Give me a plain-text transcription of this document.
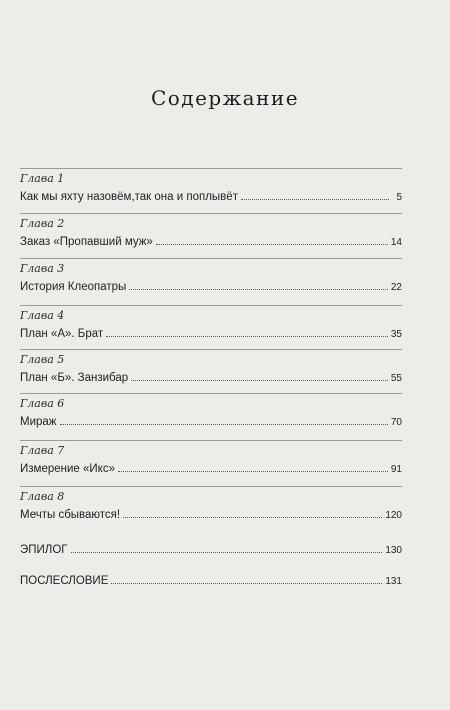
Содержание
Глава 1
Как мы яхту назовём,так она и поплывёт	5
Глава 2
Заказ «Пропавший муж»	14
Глава 3
История Клеопатры	22
Глава 4
План «А». Брат	35
Глава 5
План «Б». Занзибар	55
Глава 6
Мираж	70
Глава 7
Измерение «Икс»	91
Глава 8
Мечты сбываются!	120
ЭПИЛОГ	130
ПОСЛЕСЛОВИЕ	131
